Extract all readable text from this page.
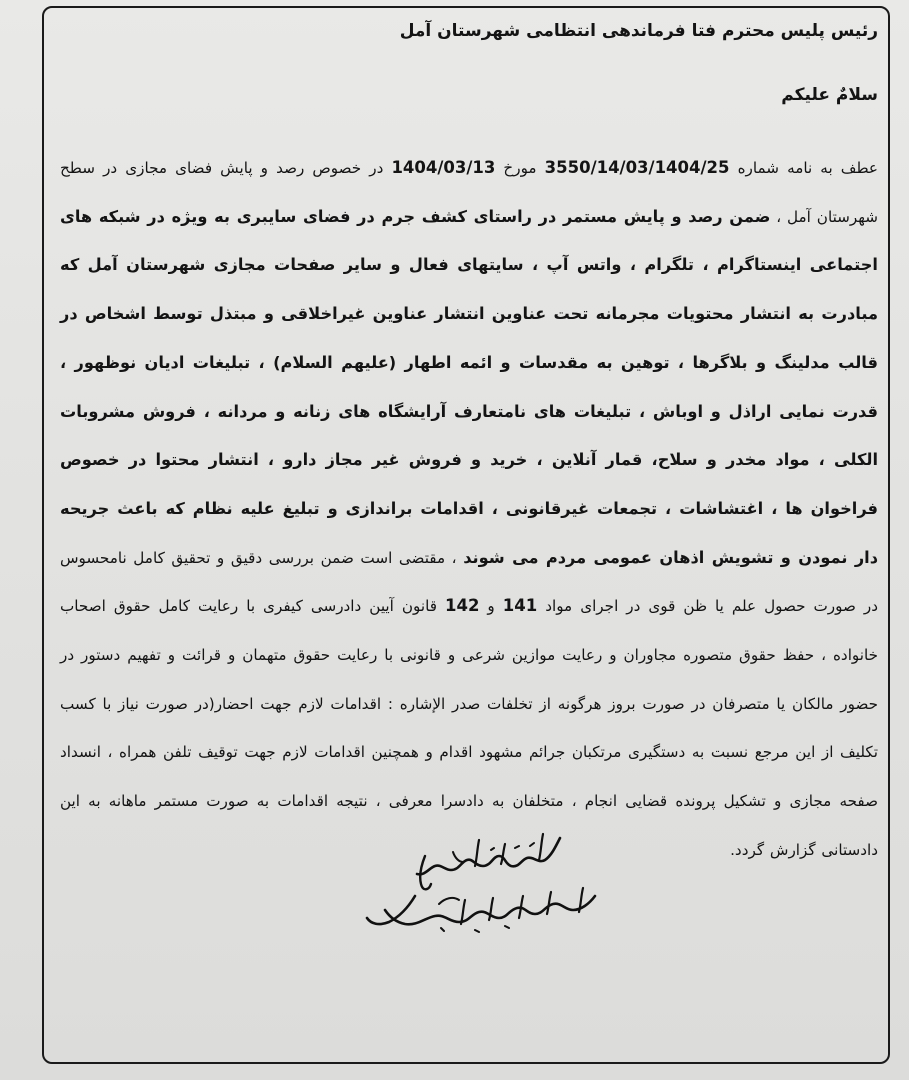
رئیس پلیس محترم فتا فرماندهی انتظامی شهرستان آمل
سلامٌ علیکم
عطف به نامه شماره 3550/14/03/1404/25 مورخ 1404/03/13 در خصوص رصد و پایش فضای مجازی در سطح شهرستان آمل ، ضمن رصد و پایش مستمر در راستای کشف جرم در فضای سایبری به ویژه در شبکه های اجتماعی اینستاگرام ، تلگرام ، واتس آپ ، سایتهای فعال و سایر صفحات مجازی شهرستان آمل که مبادرت به انتشار محتویات مجرمانه تحت عناوین انتشار عناوین غیراخلاقی و مبتذل توسط اشخاص در قالب مدلینگ و بلاگرها ، توهین به مقدسات و ائمه اطهار (علیهم السلام) ، تبلیغات ادیان نوظهور ، قدرت نمایی اراذل و اوباش ، تبلیغات های نامتعارف آرایشگاه های زنانه و مردانه ، فروش مشروبات الکلی ، مواد مخدر و سلاح، قمار آنلاین ، خرید و فروش غیر مجاز دارو ، انتشار محتوا در خصوص فراخوان ها ، اغتشاشات ، تجمعات غیرقانونی ، اقدامات براندازی و تبلیغ علیه نظام که باعث جریحه دار نمودن و تشویش اذهان عمومی مردم می شوند ، مقتضی است ضمن بررسی دقیق و تحقیق کامل نامحسوس در صورت حصول علم یا ظن قوی در اجرای مواد 141 و 142 قانون آیین دادرسی کیفری با رعایت کامل حقوق اصحاب خانواده ، حفظ حقوق متصوره مجاوران و رعایت موازین شرعی و قانونی با رعایت حقوق متهمان و قرائت و تفهیم دستور در حضور مالکان یا متصرفان در صورت بروز هرگونه از تخلفات صدر الإشاره : اقدامات لازم جهت احضار(در صورت نیاز با کسب تکلیف از این مرجع نسبت به دستگیری مرتکبان جرائم مشهود اقدام و همچنین اقدامات لازم جهت توقیف تلفن همراه ، انسداد صفحه مجازی و تشکیل پرونده قضایی انجام ، متخلفان به دادسرا معرفی ، نتیجه اقدامات به صورت مستمر ماهانه به این دادستانی گزارش گردد.
